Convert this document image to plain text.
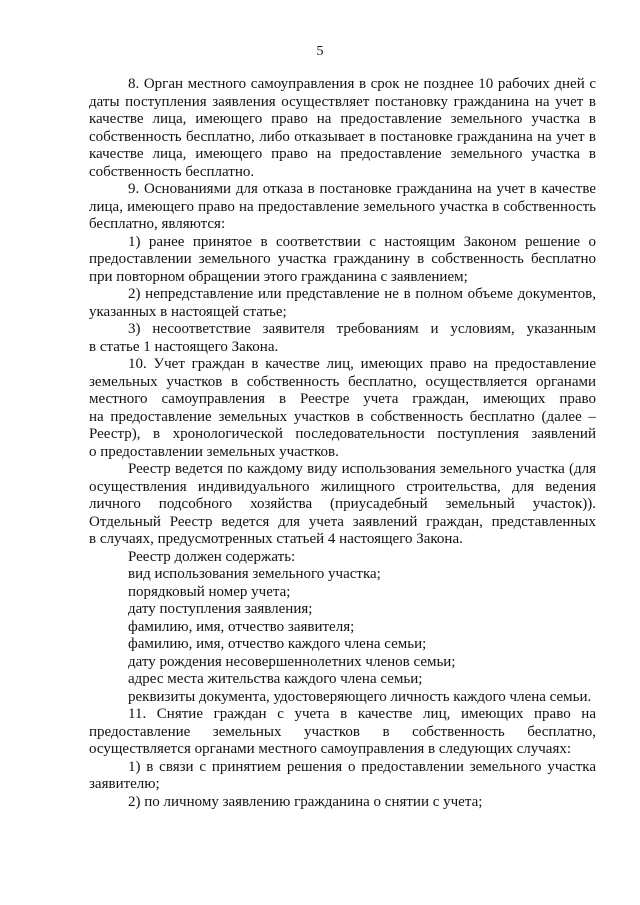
5
8. Орган местного самоуправления в срок не позднее 10 рабочих дней с
даты поступления заявления осуществляет постановку гражданина на учет в
качестве лица, имеющего право на предоставление земельного участка в
собственность бесплатно, либо отказывает в постановке гражданина на учет в
качестве лица, имеющего право на предоставление земельного участка в
собственность бесплатно.
9. Основаниями для отказа в постановке гражданина на учет в качестве
лица, имеющего право на предоставление земельного участка в собственность
бесплатно, являются:
1) ранее принятое в соответствии с настоящим Законом решение о
предоставлении земельного участка гражданину в собственность бесплатно
при повторном обращении этого гражданина с заявлением;
2) непредставление или представление не в полном объеме документов,
указанных в настоящей статье;
3) несоответствие заявителя требованиям и условиям, указанным
в статье 1 настоящего Закона.
10. Учет граждан в качестве лиц, имеющих право на предоставление
земельных участков в собственность бесплатно, осуществляется органами
местного самоуправления в Реестре учета граждан, имеющих право
на предоставление земельных участков в собственность бесплатно (далее –
Реестр), в хронологической последовательности поступления заявлений
о предоставлении земельных участков.
Реестр ведется по каждому виду использования земельного участка (для
осуществления индивидуального жилищного строительства, для ведения
личного подсобного хозяйства (приусадебный земельный участок)).
Отдельный Реестр ведется для учета заявлений граждан, представленных
в случаях, предусмотренных статьей 4 настоящего Закона.
Реестр должен содержать:
вид использования земельного участка;
порядковый номер учета;
дату поступления заявления;
фамилию, имя, отчество заявителя;
фамилию, имя, отчество каждого члена семьи;
дату рождения несовершеннолетних членов семьи;
адрес места жительства каждого члена семьи;
реквизиты документа, удостоверяющего личность каждого члена семьи.
11. Снятие граждан с учета в качестве лиц, имеющих право на
предоставление земельных участков в собственность бесплатно,
осуществляется органами местного самоуправления в следующих случаях:
1) в связи с принятием решения о предоставлении земельного участка
заявителю;
2) по личному заявлению гражданина о снятии с учета;
